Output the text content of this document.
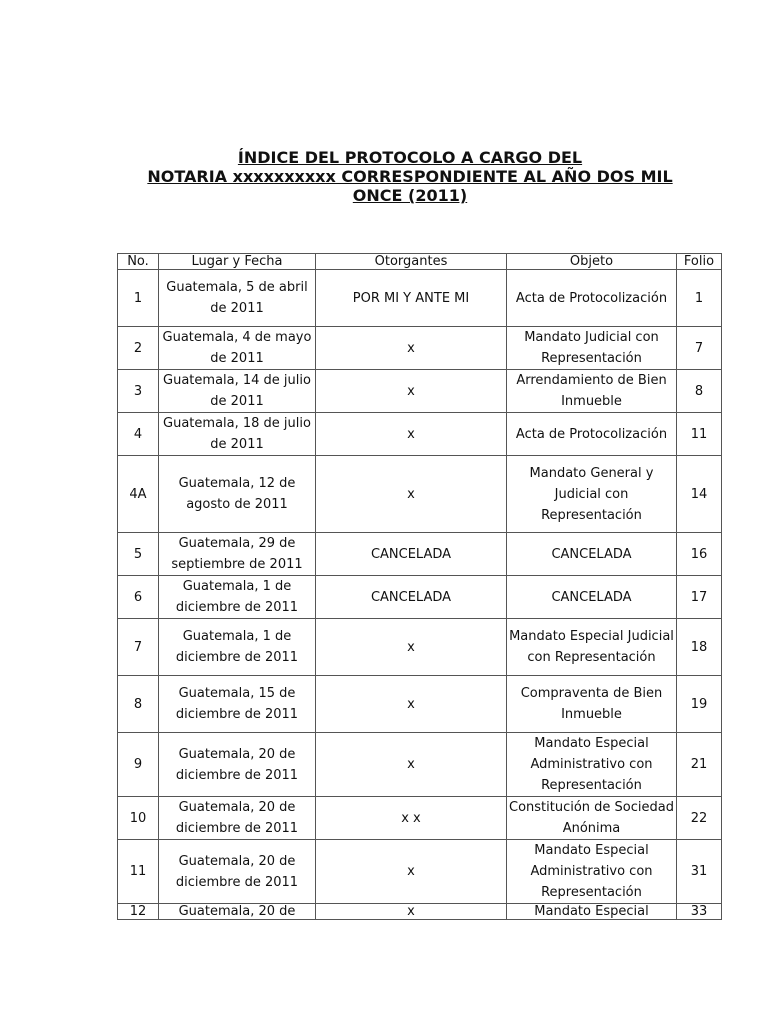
ÍNDICE DEL PROTOCOLO A CARGO DEL
NOTARIA xxxxxxxxxx CORRESPONDIENTE AL AÑO DOS MIL
ONCE (2011)
No.	Lugar y Fecha	Otorgantes	Objeto	Folio
1	Guatemala, 5 de abril de 2011	POR MI Y ANTE MI	Acta de Protocolización	1
2	Guatemala, 4 de mayo de 2011	x	Mandato Judicial con Representación	7
3	Guatemala, 14 de julio de 2011	x	Arrendamiento de Bien Inmueble	8
4	Guatemala, 18 de julio de 2011	x	Acta de Protocolización	11
4A	Guatemala, 12 de agosto de 2011	x	Mandato General y Judicial con Representación	14
5	Guatemala, 29 de septiembre de 2011	CANCELADA	CANCELADA	16
6	Guatemala, 1 de diciembre de 2011	CANCELADA	CANCELADA	17
7	Guatemala, 1 de diciembre de 2011	x	Mandato Especial Judicial con Representación	18
8	Guatemala, 15 de diciembre de 2011	x	Compraventa de Bien Inmueble	19
9	Guatemala, 20 de diciembre de 2011	x	Mandato Especial Administrativo con Representación	21
10	Guatemala, 20 de diciembre de 2011	x x	Constitución de Sociedad Anónima	22
11	Guatemala, 20 de diciembre de 2011	x	Mandato Especial Administrativo con Representación	31
12	Guatemala, 20 de	x	Mandato Especial	33
